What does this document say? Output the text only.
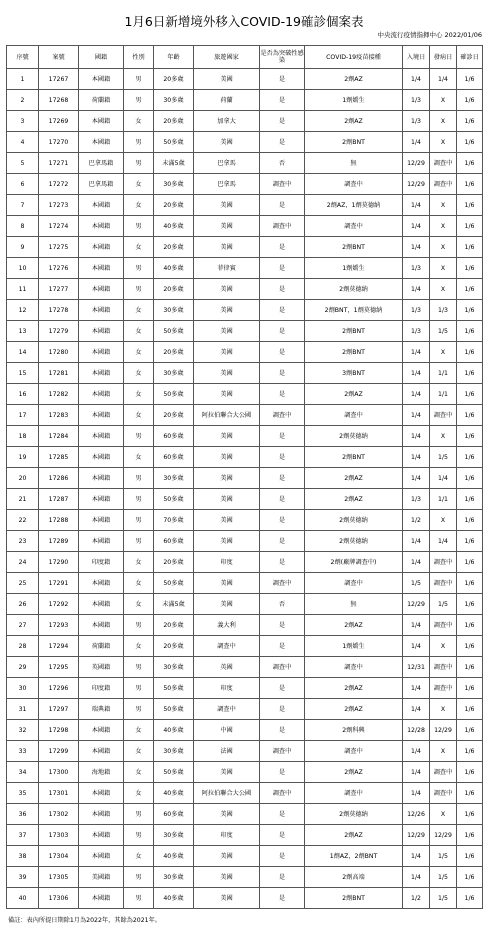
1月6日新增境外移入COVID-19確診個案表
中央流行疫情指揮中心 2022/01/06
序號	案號	國籍	性別	年齡	旅遊國家	是否為突破性感染	COVID-19疫苗接種	入境日	發病日	確診日
1	17267	本國籍	男	20多歲	美國	是	2劑AZ	1/4	1/4	1/6
2	17268	荷蘭籍	男	30多歲	荷蘭	是	1劑嬌生	1/3	X	1/6
3	17269	本國籍	女	20多歲	加拿大	是	2劑AZ	1/3	X	1/6
4	17270	本國籍	男	50多歲	美國	是	2劑BNT	1/4	X	1/6
5	17271	巴拿馬籍	男	未滿5歲	巴拿馬	否	無	12/29	調查中	1/6
6	17272	巴拿馬籍	女	30多歲	巴拿馬	調查中	調查中	12/29	調查中	1/6
7	17273	本國籍	女	20多歲	美國	是	2劑AZ，1劑莫德納	1/4	X	1/6
8	17274	本國籍	男	40多歲	美國	調查中	調查中	1/4	X	1/6
9	17275	本國籍	女	20多歲	美國	是	2劑BNT	1/4	X	1/6
10	17276	本國籍	男	40多歲	菲律賓	是	1劑嬌生	1/3	X	1/6
11	17277	本國籍	男	20多歲	美國	是	2劑莫德納	1/4	X	1/6
12	17278	本國籍	女	30多歲	美國	是	2劑BNT，1劑莫德納	1/3	1/3	1/6
13	17279	本國籍	女	50多歲	美國	是	2劑BNT	1/3	1/5	1/6
14	17280	本國籍	女	20多歲	美國	是	2劑BNT	1/4	X	1/6
15	17281	本國籍	女	30多歲	美國	是	3劑BNT	1/4	1/1	1/6
16	17282	本國籍	女	50多歲	美國	是	2劑AZ	1/4	1/1	1/6
17	17283	本國籍	女	20多歲	阿拉伯聯合大公國	調查中	調查中	1/4	調查中	1/6
18	17284	本國籍	男	60多歲	美國	是	2劑莫德納	1/4	X	1/6
19	17285	本國籍	女	60多歲	美國	是	2劑BNT	1/4	1/5	1/6
20	17286	本國籍	男	30多歲	美國	是	2劑AZ	1/4	1/4	1/6
21	17287	本國籍	男	50多歲	美國	是	2劑AZ	1/3	1/1	1/6
22	17288	本國籍	男	70多歲	美國	是	2劑莫德納	1/2	X	1/6
23	17289	本國籍	男	60多歲	美國	是	2劑莫德納	1/4	1/4	1/6
24	17290	印度籍	女	20多歲	印度	是	2劑(廠牌調查中)	1/4	調查中	1/6
25	17291	本國籍	女	50多歲	美國	調查中	調查中	1/5	調查中	1/6
26	17292	本國籍	女	未滿5歲	美國	否	無	12/29	1/5	1/6
27	17293	本國籍	男	20多歲	義大利	是	2劑AZ	1/4	調查中	1/6
28	17294	荷蘭籍	女	20多歲	調查中	是	1劑嬌生	1/4	X	1/6
29	17295	英國籍	男	30多歲	英國	調查中	調查中	12/31	調查中	1/6
30	17296	印度籍	男	50多歲	印度	是	2劑AZ	1/4	調查中	1/6
31	17297	瑞典籍	男	50多歲	調查中	是	2劑AZ	1/4	X	1/6
32	17298	本國籍	女	40多歲	中國	是	2劑科興	12/28	12/29	1/6
33	17299	本國籍	女	30多歲	法國	調查中	調查中	1/4	X	1/6
34	17300	海地籍	女	50多歲	美國	是	2劑AZ	1/4	調查中	1/6
35	17301	本國籍	女	40多歲	阿拉伯聯合大公國	調查中	調查中	1/4	調查中	1/6
36	17302	本國籍	男	60多歲	美國	是	2劑莫德納	12/26	X	1/6
37	17303	本國籍	男	30多歲	印度	是	2劑AZ	12/29	12/29	1/6
38	17304	本國籍	女	40多歲	美國	是	1劑AZ，2劑BNT	1/4	1/5	1/6
39	17305	美國籍	男	30多歲	美國	是	2劑高端	1/4	1/5	1/6
40	17306	本國籍	男	40多歲	美國	是	2劑BNT	1/2	1/5	1/6
備註：表內所提日期除1月為2022年，其餘為2021年。
